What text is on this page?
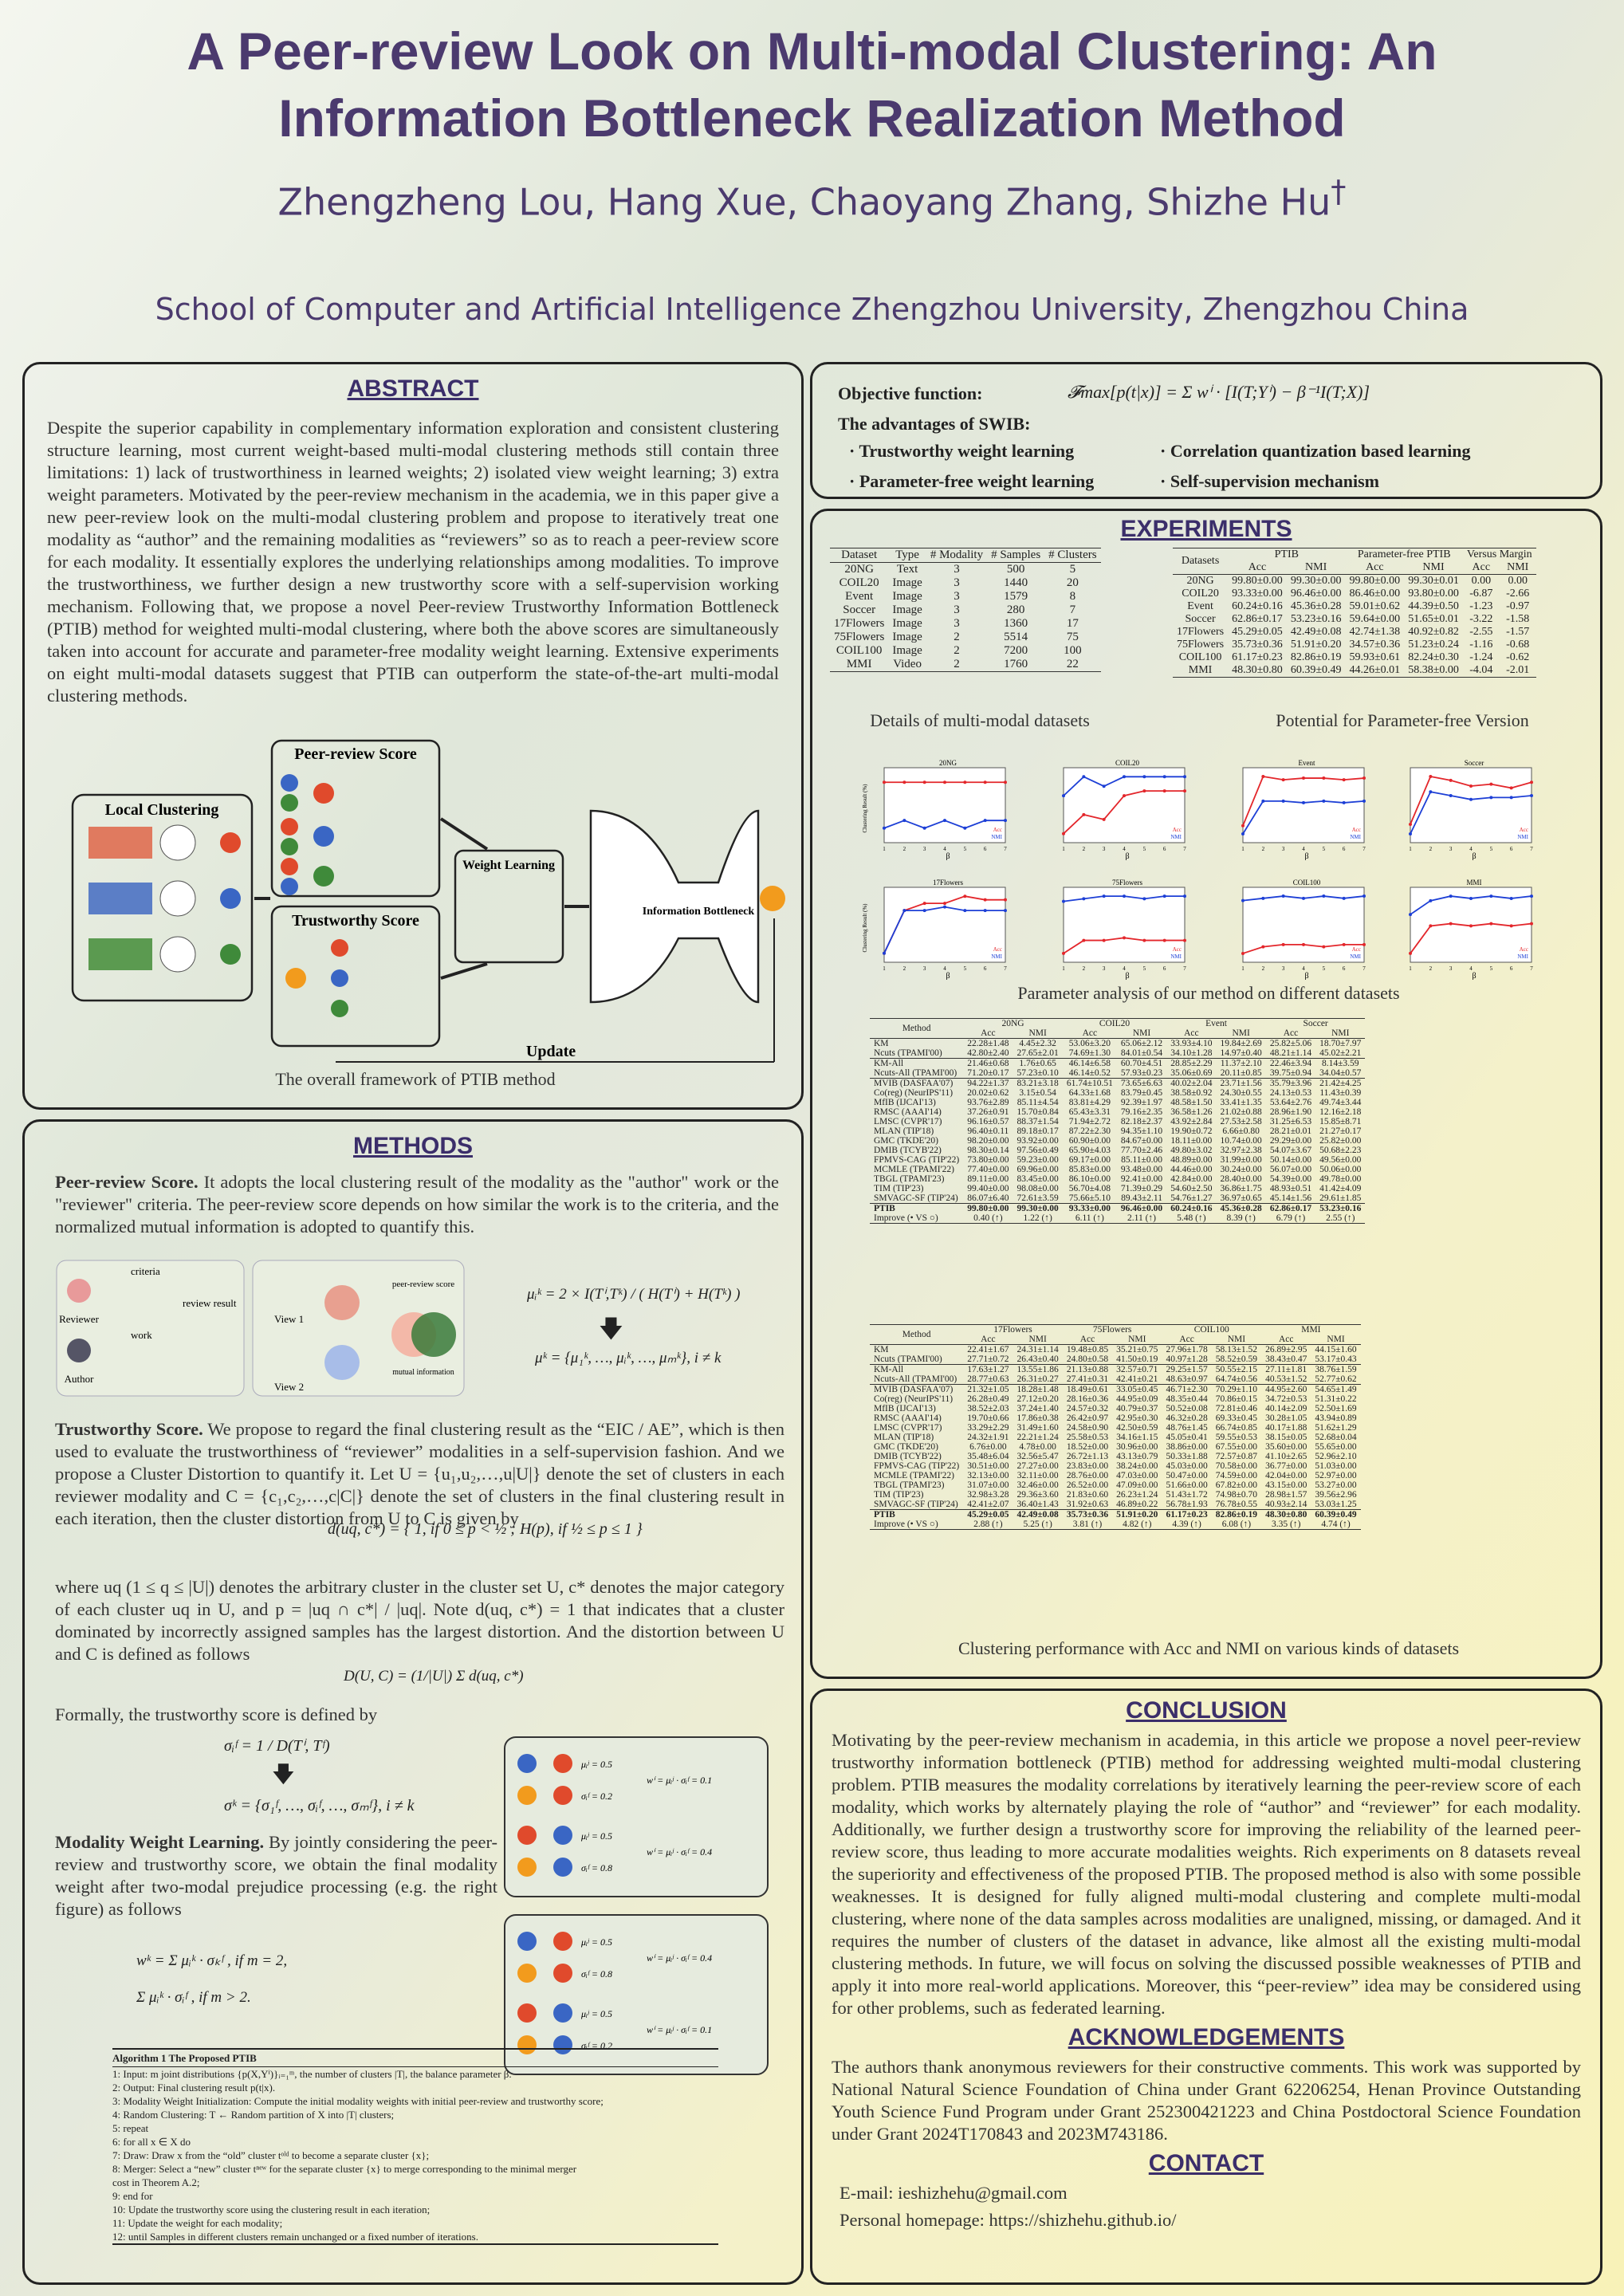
A Peer-review Look on Multi-modal Clustering: An
Information Bottleneck Realization Method
Zhengzheng Lou, Hang Xue, Chaoyang Zhang, Shizhe Hu†
School of Computer and Artificial Intelligence Zhengzhou University, Zhengzhou China
ABSTRACT
Despite the superior capability in complementary information exploration and consistent clustering structure learning, most current weight-based multi-modal clustering methods still contain three limitations: 1) lack of trustworthiness in learned weights; 2) isolated view weight learning; 3) extra weight parameters. Motivated by the peer-review mechanism in the academia, we in this paper give a new peer-review look on the multi-modal clustering problem and propose to iteratively treat one modality as “author” and the remaining modalities as “reviewers” so as to reach a peer-review score for each modality. It essentially explores the underlying relationships among modalities. To improve the trustworthiness, we further design a new trustworthy score with a self-supervision working mechanism. Following that, we propose a novel Peer-review Trustworthy Information Bottleneck (PTIB) method for weighted multi-modal clustering, where both the above scores are simultaneously taken into account for accurate and parameter-free modality weight learning. Extensive experiments on eight multi-modal datasets suggest that PTIB can outperform the state-of-the-art multi-modal clustering methods.
Local Clustering
Peer-review Score
Trustworthy Score
Weight Learning
Information Bottleneck
Update
The overall framework of PTIB method
METHODS
Peer-review Score. It adopts the local clustering result of the modality as the "author" work or the "reviewer" criteria. The peer-review score depends on how similar the work is to the criteria, and the normalized mutual information is adopted to quantify this.
Reviewer
Author
criteria
work
review result
View 1
View 2
peer-review score
mutual information
μᵢᵏ = 2 × I(Tⁱ,Tᵏ) / ( H(Tⁱ) + H(Tᵏ) )
🡇
μᵏ = {μ₁ᵏ, …, μᵢᵏ, …, μₘᵏ}, i ≠ k
Trustworthy Score. We propose to regard the final clustering result as the “EIC / AE”, which is then used to evaluate the trustworthiness of “reviewer” modalities in a self-supervision fashion. And we propose a Cluster Distortion to quantify it. Let U = {u₁,u₂,…,u|U|} denote the set of clusters in each reviewer modality and C = {c₁,c₂,…,c|C|} denote the set of clusters in the final clustering result in each iteration, then the cluster distortion from U to C is given by
d(uq, c*) = { 1, if 0 ≤ p < ½ ; H(p), if ½ ≤ p ≤ 1 }
where uq (1 ≤ q ≤ |U|) denotes the arbitrary cluster in the cluster set U, c* denotes the major category of each cluster uq in U, and p = |uq ∩ c*| / |uq|. Note d(uq, c*) = 1 that indicates that a cluster dominated by incorrectly assigned samples has the largest distortion. And the distortion between U and C is defined as follows
D(U, C) = (1/|U|) Σ d(uq, c*)
Formally, the trustworthy score is defined by
σᵢᶠ = 1 / D(Tⁱ, Tᶠ)
🡇
σᵏ = {σ₁ᶠ, …, σᵢᶠ, …, σₘᶠ}, i ≠ k
Modality Weight Learning. By jointly considering the peer-review and trustworthy score, we obtain the final modality weight after two-modal prejudice processing (e.g. the right figure) as follows
wᵏ = Σ μᵢᵏ · σₖᶠ , if m = 2,
Σ μᵢᵏ · σᵢᶠ , if m > 2.
μᵢʲ = 0.5
σᵢᶠ = 0.2
wⁱ = μᵢʲ · σᵢᶠ = 0.1
μᵢʲ = 0.5
σᵢᶠ = 0.8
wⁱ = μᵢʲ · σᵢᶠ = 0.4
μᵢʲ = 0.5
σᵢᶠ = 0.8
wⁱ = μᵢʲ · σᵢᶠ = 0.4
μᵢʲ = 0.5
σᵢᶠ = 0.2
wⁱ = μᵢʲ · σᵢᶠ = 0.1
Algorithm 1 The Proposed PTIB
1: Input: m joint distributions {p(X,Yⁱ)}ᵢ₌₁ᵐ, the number of clusters |T|, the balance parameter β.
2: Output: Final clustering result p(t|x).
3: Modality Weight Initialization: Compute the initial modality weights with initial peer-review and trustworthy score;
4: Random Clustering: T ← Random partition of X into |T| clusters;
5: repeat
6: for all x ∈ X do
7: Draw: Draw x from the “old” cluster tᵒˡᵈ to become a separate cluster {x};
8: Merger: Select a “new” cluster tⁿᵉʷ for the separate cluster {x} to merge corresponding to the minimal merger
cost in Theorem A.2;
9: end for
10: Update the trustworthy score using the clustering result in each iteration;
11: Update the weight for each modality;
12: until Samples in different clusters remain unchanged or a fixed number of iterations.
Objective function:	𝓕max[p(t|x)] = Σ wⁱ · [I(T;Yⁱ) − β⁻¹I(T;X)]
The advantages of SWIB:
· Trustworthy weight learning	· Correlation quantization based learning
· Parameter-free weight learning	· Self-supervision mechanism
EXPERIMENTS
Dataset	Type	# Modality	# Samples	# Clusters
20NG	Text	3	500	5
COIL20	Image	3	1440	20
Event	Image	3	1579	8
Soccer	Image	3	280	7
17Flowers	Image	3	1360	17
75Flowers	Image	2	5514	75
COIL100	Image	2	7200	100
MMI	Video	2	1760	22
Datasets	PTIB		Parameter-free PTIB		Versus Margin	
	Acc	NMI	Acc	NMI	Acc	NMI
20NG	99.80±0.00	99.30±0.00	99.80±0.00	99.30±0.01	0.00	0.00
COIL20	93.33±0.00	96.46±0.00	86.46±0.00	93.80±0.00	-6.87	-2.66
Event	60.24±0.16	45.36±0.28	59.01±0.62	44.39±0.50	-1.23	-0.97
Soccer	62.86±0.17	53.23±0.16	59.64±0.00	51.65±0.01	-3.22	-1.58
17Flowers	45.29±0.05	42.49±0.08	42.74±1.38	40.92±0.82	-2.55	-1.57
75Flowers	35.73±0.36	51.91±0.20	34.57±0.36	51.23±0.24	-1.16	-0.68
COIL100	61.17±0.23	82.86±0.19	59.93±0.61	82.24±0.30	-1.24	-0.62
MMI	48.30±0.80	60.39±0.49	44.26±0.01	58.38±0.00	-4.04	-2.01
Details of multi-modal datasets	Potential for Parameter-free Version
20NG
β
1	2	3	4	5	6	7
Clustering Result (%)	Acc
NMI
COIL20
β
1	2	3	4	5	6	7
Acc
NMI
Event
β
1	2	3	4	5	6	7
Acc
NMI
Soccer
β
1	2	3	4	5	6	7
Acc
NMI
17Flowers
β
1	2	3	4	5	6	7
Clustering Result (%)	Acc
NMI
75Flowers
β
1	2	3	4	5	6	7
Acc
NMI
COIL100
β
1	2	3	4	5	6	7
Acc
NMI
MMI
β
1	2	3	4	5	6	7
Acc
NMI
Parameter analysis of our method on different datasets
Method	20NG		COIL20		Event		Soccer	
	Acc	NMI	Acc	NMI	Acc	NMI	Acc	NMI
KM	22.28±1.48	4.45±2.32	53.06±3.20	65.06±2.12	33.93±4.10	19.84±2.69	25.82±5.06	18.70±7.97
Ncuts (TPAMI'00)	42.80±2.40	27.65±2.01	74.69±1.30	84.01±0.54	34.10±1.28	14.97±0.40	48.21±1.14	45.02±2.21
KM-All	21.46±0.68	1.76±0.65	46.14±6.58	60.70±4.51	28.85±2.29	11.37±2.10	22.46±3.94	8.14±3.59
Ncuts-All (TPAMI'00)	71.20±0.17	57.23±0.10	46.14±0.52	57.93±0.23	35.06±0.69	20.11±0.85	39.75±0.94	34.04±0.57
MVIB (DASFAA'07)	94.22±1.37	83.21±3.18	61.74±10.51	73.65±6.63	40.02±2.04	23.71±1.56	35.79±3.96	21.42±4.25
Co(reg) (NeurIPS'11)	20.02±0.62	3.15±0.54	64.33±1.68	83.79±0.45	38.58±0.92	24.30±0.55	24.13±0.53	11.43±0.39
MfIB (IJCAI'13)	93.76±2.89	85.11±4.54	83.81±4.29	92.39±1.97	48.58±1.50	33.41±1.35	53.64±2.76	49.74±3.44
RMSC (AAAI'14)	37.26±0.91	15.70±0.84	65.43±3.31	79.16±2.35	36.58±1.26	21.02±0.88	28.96±1.90	12.16±2.18
LMSC (CVPR'17)	96.16±0.57	88.37±1.54	71.94±2.72	82.18±2.37	43.92±2.84	27.53±2.58	31.25±6.53	15.85±8.71
MLAN (TIP'18)	96.40±0.11	89.18±0.17	87.22±2.30	94.35±1.10	19.90±0.72	6.66±0.80	28.21±0.01	21.27±0.17
GMC (TKDE'20)	98.20±0.00	93.92±0.00	60.90±0.00	84.67±0.00	18.11±0.00	10.74±0.00	29.29±0.00	25.82±0.00
DMIB (TCYB'22)	98.30±0.14	97.56±0.49	65.90±4.03	77.70±2.46	49.80±3.02	32.97±2.38	54.07±3.67	50.68±2.23
FPMVS-CAG (TIP'22)	73.80±0.00	59.23±0.00	69.17±0.00	85.11±0.00	48.89±0.00	31.99±0.00	50.14±0.00	49.56±0.00
MCMLE (TPAMI'22)	77.40±0.00	69.96±0.00	85.83±0.00	93.48±0.00	44.46±0.00	30.24±0.00	56.07±0.00	50.06±0.00
TBGL (TPAMI'23)	89.11±0.00	83.45±0.00	86.10±0.00	92.41±0.00	42.84±0.00	28.40±0.00	54.39±0.00	49.78±0.00
TIM (TIP'23)	99.40±0.00	98.08±0.00	56.70±4.08	71.39±0.29	54.60±2.50	36.86±1.75	48.93±0.51	41.42±4.09
SMVAGC-SF (TIP'24)	86.07±6.40	72.61±3.59	75.66±5.10	89.43±2.11	54.76±1.27	36.97±0.65	45.14±1.56	29.61±1.85
PTIB	99.80±0.00	99.30±0.00	93.33±0.00	96.46±0.00	60.24±0.16	45.36±0.28	62.86±0.17	53.23±0.16
Improve (• VS ○)	0.40 (↑)	1.22 (↑)	6.11 (↑)	2.11 (↑)	5.48 (↑)	8.39 (↑)	6.79 (↑)	2.55 (↑)
Method	17Flowers		75Flowers		COIL100		MMI	
	Acc	NMI	Acc	NMI	Acc	NMI	Acc	NMI
KM	22.41±1.67	24.31±1.14	19.48±0.85	35.21±0.75	27.96±1.78	58.13±1.52	26.89±2.95	44.15±1.60
Ncuts (TPAMI'00)	27.71±0.72	26.43±0.40	24.80±0.58	41.50±0.19	40.97±1.28	58.52±0.59	38.43±0.47	53.17±0.43
KM-All	17.63±1.27	13.55±1.86	21.13±0.88	32.57±0.71	29.25±1.57	50.55±2.15	27.11±1.81	38.76±1.59
Ncuts-All (TPAMI'00)	28.77±0.63	26.31±0.27	27.41±0.31	42.41±0.21	48.63±0.97	64.74±0.56	40.53±1.52	52.77±0.62
MVIB (DASFAA'07)	21.32±1.05	18.28±1.48	18.49±0.61	33.05±0.45	46.71±2.30	70.29±1.10	44.95±2.60	54.65±1.49
Co(reg) (NeurIPS'11)	26.28±0.49	27.12±0.20	28.16±0.36	44.95±0.09	48.35±0.44	70.86±0.15	34.72±0.53	51.31±0.22
MfIB (IJCAI'13)	38.52±2.03	37.24±1.40	24.57±0.32	40.79±0.37	50.52±0.08	72.81±0.46	40.14±2.09	52.50±1.69
RMSC (AAAI'14)	19.70±0.66	17.86±0.38	26.42±0.97	42.95±0.30	46.32±0.28	69.33±0.45	30.28±1.05	43.94±0.89
LMSC (CVPR'17)	33.29±2.29	31.49±1.60	24.58±0.90	42.50±0.59	48.76±1.45	66.74±0.85	40.17±1.88	51.62±1.29
MLAN (TIP'18)	24.32±1.91	22.21±1.24	25.58±0.53	34.16±1.15	45.05±0.41	59.55±0.53	38.15±0.05	52.68±0.04
GMC (TKDE'20)	6.76±0.00	4.78±0.00	18.52±0.00	30.96±0.00	38.86±0.00	67.55±0.00	35.60±0.00	55.65±0.00
DMIB (TCYB'22)	35.48±6.04	32.56±5.47	26.72±1.13	43.13±0.79	50.33±1.88	72.57±0.87	41.10±2.65	52.96±2.10
FPMVS-CAG (TIP'22)	30.51±0.00	27.27±0.00	23.83±0.00	38.24±0.00	45.03±0.00	70.58±0.00	36.77±0.00	51.03±0.00
MCMLE (TPAMI'22)	32.13±0.00	32.11±0.00	28.76±0.00	47.03±0.00	50.47±0.00	74.59±0.00	42.04±0.00	52.97±0.00
TBGL (TPAMI'23)	31.07±0.00	32.46±0.00	26.52±0.00	47.09±0.00	51.66±0.00	67.82±0.00	43.15±0.00	53.27±0.00
TIM (TIP'23)	32.98±3.28	29.36±3.60	21.83±0.60	26.23±1.24	51.43±1.72	74.98±0.70	28.98±1.57	39.56±2.96
SMVAGC-SF (TIP'24)	42.41±2.07	36.40±1.43	31.92±0.63	46.89±0.22	56.78±1.93	76.78±0.55	40.93±2.14	53.03±1.25
PTIB	45.29±0.05	42.49±0.08	35.73±0.36	51.91±0.20	61.17±0.23	82.86±0.19	48.30±0.80	60.39±0.49
Improve (• VS ○)	2.88 (↑)	5.25 (↑)	3.81 (↑)	4.82 (↑)	4.39 (↑)	6.08 (↑)	3.35 (↑)	4.74 (↑)
Clustering performance with Acc and NMI on various kinds of datasets
CONCLUSION
Motivating by the peer-review mechanism in academia, in this article we propose a novel peer-review trustworthy information bottleneck (PTIB) method for addressing weighted multi-modal clustering problem. PTIB measures the modality correlations by iteratively learning the peer-review score of each modality, which works by alternately playing the role of “author” and “reviewer” for each modality. Additionally, we further design a trustworthy score for improving the reliability of the learned peer-review score, thus leading to more accurate modalities weights. Rich experiments on 8 datasets reveal the superiority and effectiveness of the proposed PTIB. The proposed method is also with some possible weaknesses. It is designed for fully aligned multi-modal clustering and complete multi-modal clustering, where none of the data samples across modalities are unaligned, missing, or damaged. And it requires the number of clusters of the dataset in advance, like almost all the existing multi-modal clustering methods. In future, we will focus on solving the discussed possible weaknesses of PTIB and apply it into more real-world applications. Moreover, this “peer-review” idea may be considered using for other problems, such as federated learning.
ACKNOWLEDGEMENTS
The authors thank anonymous reviewers for their constructive comments. This work was supported by National Natural Science Foundation of China under Grant 62206254, Henan Province Outstanding Youth Science Fund Program under Grant 252300421223 and China Postdoctoral Science Foundation under Grant 2024T170843 and 2023M743186.
CONTACT
E-mail: ieshizhehu@gmail.com
Personal homepage: https://shizhehu.github.io/
